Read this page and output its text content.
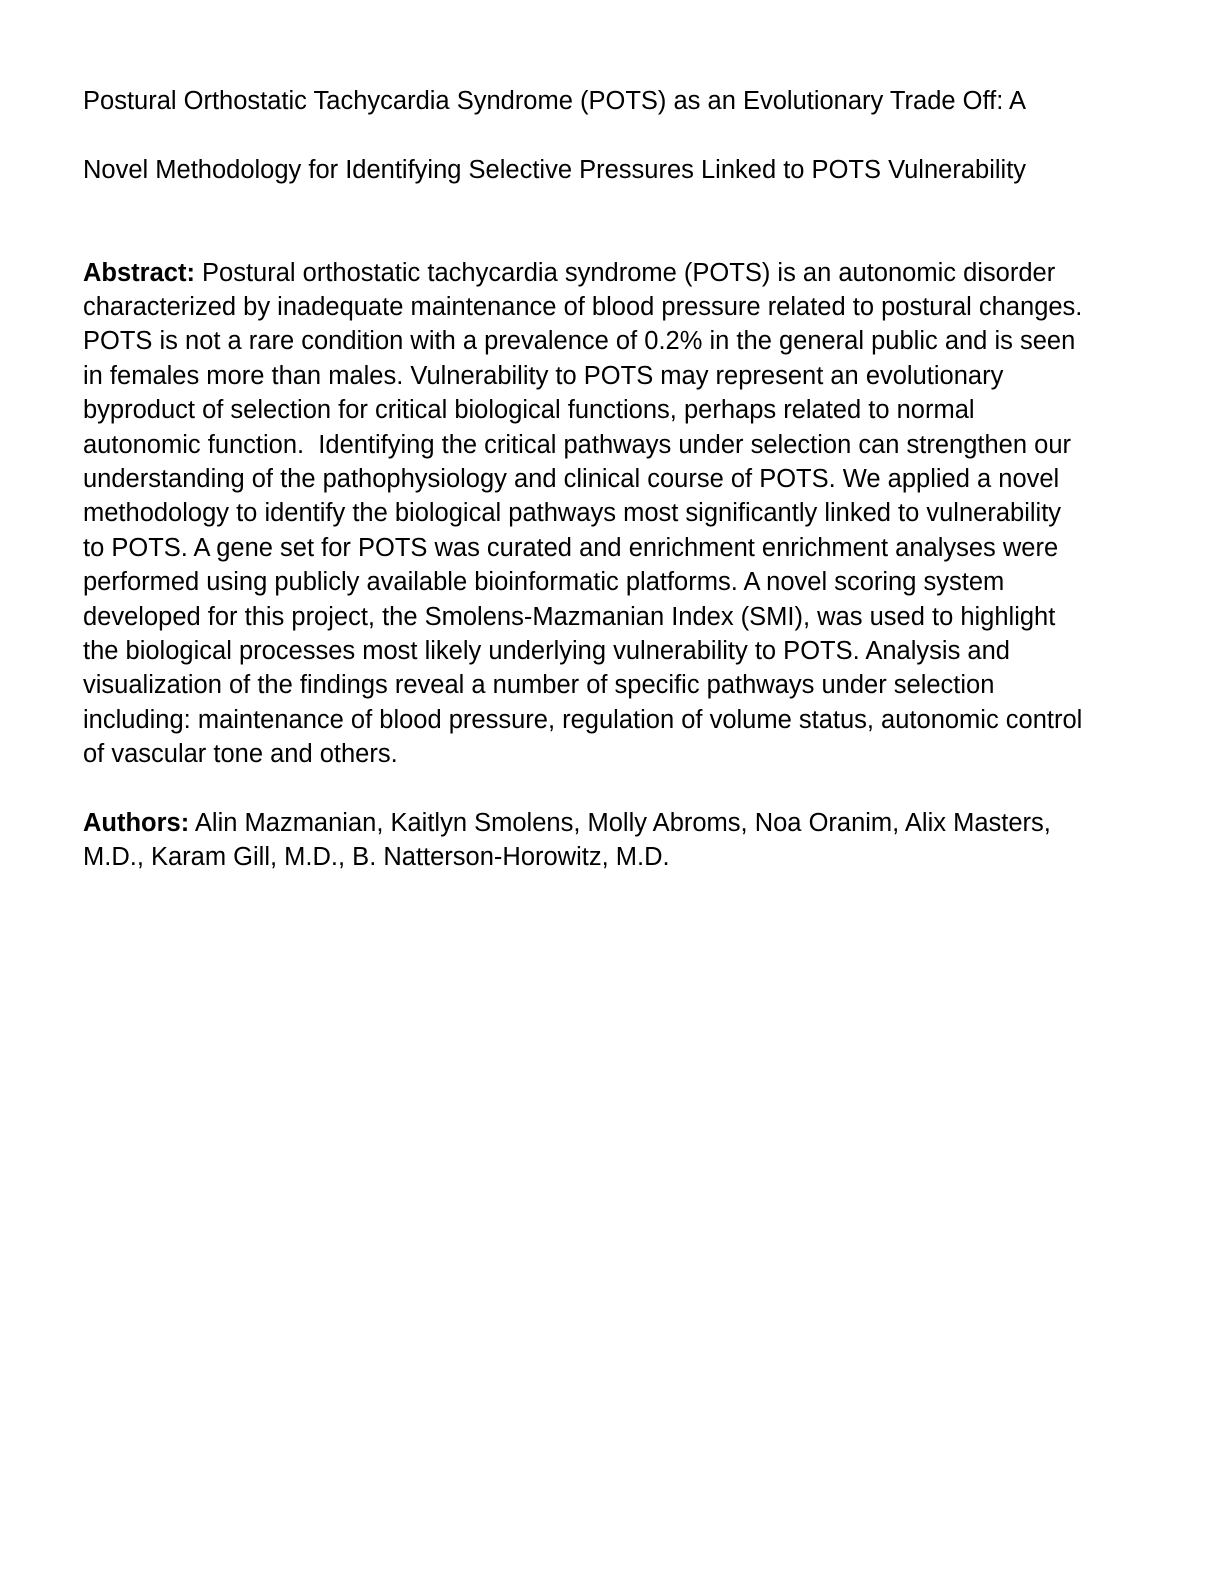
Postural Orthostatic Tachycardia Syndrome (POTS) as an Evolutionary Trade Off: A

Novel Methodology for Identifying Selective Pressures Linked to POTS Vulnerability

Abstract: Postural orthostatic tachycardia syndrome (POTS) is an autonomic disorder
characterized by inadequate maintenance of blood pressure related to postural changes.
POTS is not a rare condition with a prevalence of 0.2% in the general public and is seen
in females more than males. Vulnerability to POTS may represent an evolutionary
byproduct of selection for critical biological functions, perhaps related to normal
autonomic function.  Identifying the critical pathways under selection can strengthen our
understanding of the pathophysiology and clinical course of POTS. We applied a novel
methodology to identify the biological pathways most significantly linked to vulnerability
to POTS. A gene set for POTS was curated and enrichment enrichment analyses were
performed using publicly available bioinformatic platforms. A novel scoring system
developed for this project, the Smolens-Mazmanian Index (SMI), was used to highlight
the biological processes most likely underlying vulnerability to POTS. Analysis and
visualization of the findings reveal a number of specific pathways under selection
including: maintenance of blood pressure, regulation of volume status, autonomic control
of vascular tone and others.
Authors: Alin Mazmanian, Kaitlyn Smolens, Molly Abroms, Noa Oranim, Alix Masters,
M.D., Karam Gill, M.D., B. Natterson-Horowitz, M.D.
